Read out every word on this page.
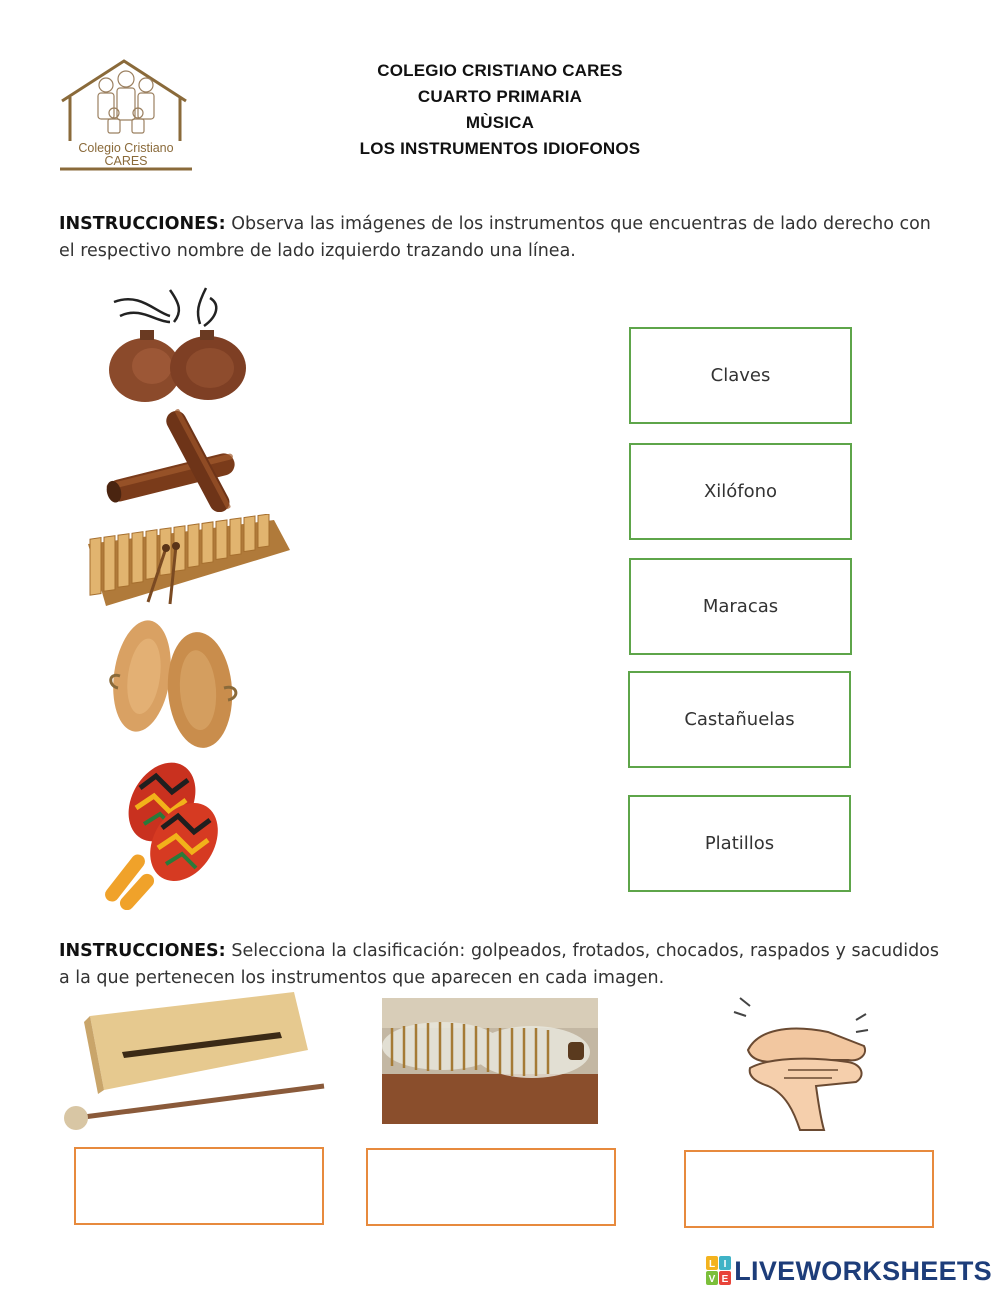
Colegio Cristiano
CARES
COLEGIO CRISTIANO CARES
CUARTO PRIMARIA
MÙSICA
LOS INSTRUMENTOS IDIOFONOS
INSTRUCCIONES: Observa las imágenes de los instrumentos que encuentras de lado derecho con el respectivo nombre de lado izquierdo trazando una línea.
Claves
Xilófono
Maracas
Castañuelas
Platillos
INSTRUCCIONES: Selecciona la clasificación: golpeados, frotados, chocados, raspados y sacudidos a la que pertenecen los instrumentos que aparecen en cada imagen.
L I
V E LIVEWORKSHEETS
